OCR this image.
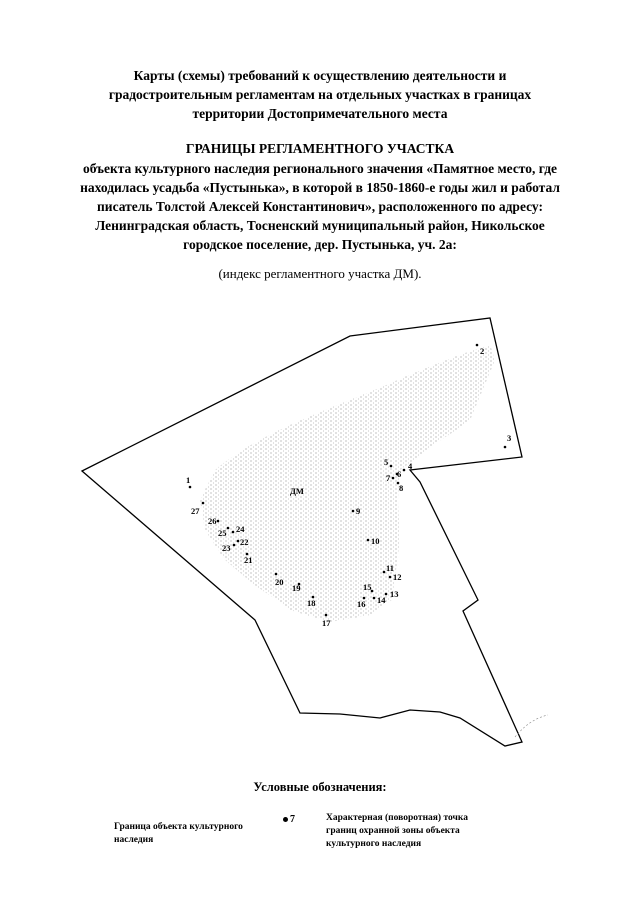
Карты (схемы) требований к осуществлению деятельности и
градостроительным регламентам на отдельных участках в границах
территории Достопримечательного места
ГРАНИЦЫ РЕГЛАМЕНТНОГО УЧАСТКА
объекта культурного наследия регионального значения «Памятное место, где
находилась усадьба «Пустынька», в которой в 1850-1860-е годы жил и работал
писатель Толстой Алексей Константинович», расположенного по адресу:
Ленинградская область, Тосненский муниципальный район, Никольское
городское поселение, дер. Пустынька, уч. 2а:
(индекс регламентного участка ДМ).
ДМ
1
2
3
4
5
6
7
8
9
10
11
12
13
14
15
16
17
18
19
20
21
22
23
24
25
26
27
Условные обозначения:
Граница объекта культурного
наследия
7	Характерная (поворотная) точка
границ охранной зоны объекта
культурного наследия
